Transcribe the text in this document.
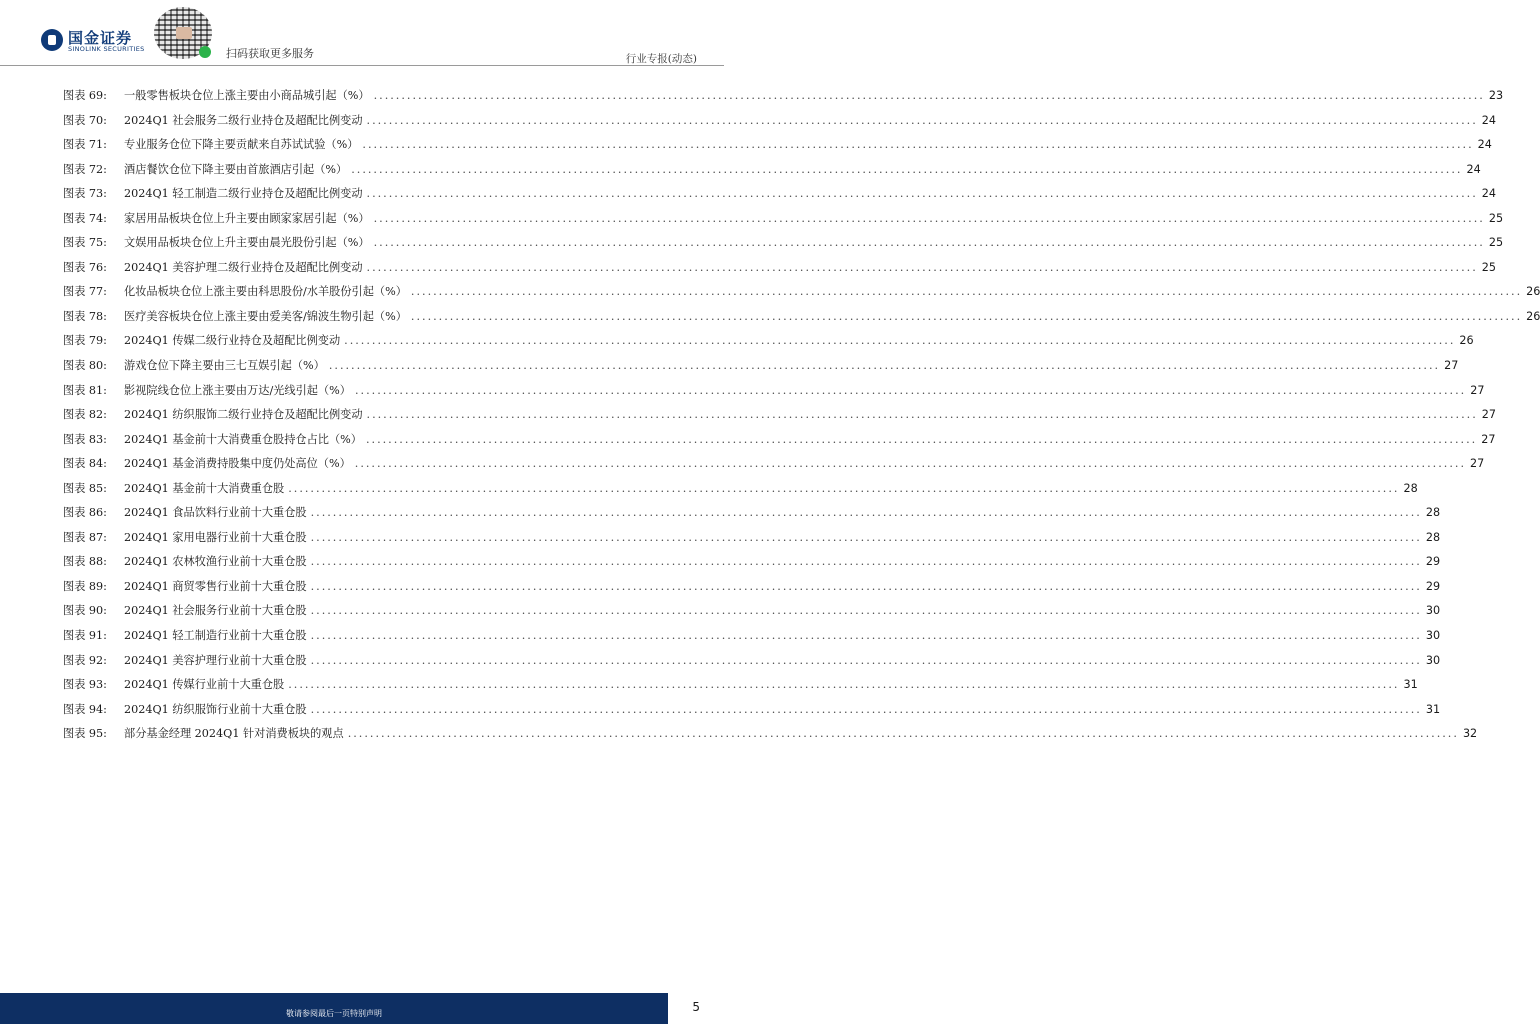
国金证券
SINOLINK SECURITIES	扫码获取更多服务	行业专报(动态)
图表 69:	一般零售板块仓位上涨主要由小商品城引起（%） ........................................................................................................................................................................................................ 23
图表 70:	2024Q1 社会服务二级行业持仓及超配比例变动 ........................................................................................................................................................................................................ 24
图表 71:	专业服务仓位下降主要贡献来自苏试试验（%） ........................................................................................................................................................................................................ 24
图表 72:	酒店餐饮仓位下降主要由首旅酒店引起（%） ........................................................................................................................................................................................................ 24
图表 73:	2024Q1 轻工制造二级行业持仓及超配比例变动 ........................................................................................................................................................................................................ 24
图表 74:	家居用品板块仓位上升主要由顾家家居引起（%） ........................................................................................................................................................................................................ 25
图表 75:	文娱用品板块仓位上升主要由晨光股份引起（%） ........................................................................................................................................................................................................ 25
图表 76:	2024Q1 美容护理二级行业持仓及超配比例变动 ........................................................................................................................................................................................................ 25
图表 77:	化妆品板块仓位上涨主要由科思股份/水羊股份引起（%） ........................................................................................................................................................................................................ 26
图表 78:	医疗美容板块仓位上涨主要由爱美客/锦波生物引起（%） ........................................................................................................................................................................................................ 26
图表 79:	2024Q1 传媒二级行业持仓及超配比例变动 ........................................................................................................................................................................................................ 26
图表 80:	游戏仓位下降主要由三七互娱引起（%） ........................................................................................................................................................................................................ 27
图表 81:	影视院线仓位上涨主要由万达/光线引起（%） ........................................................................................................................................................................................................ 27
图表 82:	2024Q1 纺织服饰二级行业持仓及超配比例变动 ........................................................................................................................................................................................................ 27
图表 83:	2024Q1 基金前十大消费重仓股持仓占比（%） ........................................................................................................................................................................................................ 27
图表 84:	2024Q1 基金消费持股集中度仍处高位（%） ........................................................................................................................................................................................................ 27
图表 85:	2024Q1 基金前十大消费重仓股 ........................................................................................................................................................................................................ 28
图表 86:	2024Q1 食品饮料行业前十大重仓股 ........................................................................................................................................................................................................ 28
图表 87:	2024Q1 家用电器行业前十大重仓股 ........................................................................................................................................................................................................ 28
图表 88:	2024Q1 农林牧渔行业前十大重仓股 ........................................................................................................................................................................................................ 29
图表 89:	2024Q1 商贸零售行业前十大重仓股 ........................................................................................................................................................................................................ 29
图表 90:	2024Q1 社会服务行业前十大重仓股 ........................................................................................................................................................................................................ 30
图表 91:	2024Q1 轻工制造行业前十大重仓股 ........................................................................................................................................................................................................ 30
图表 92:	2024Q1 美容护理行业前十大重仓股 ........................................................................................................................................................................................................ 30
图表 93:	2024Q1 传媒行业前十大重仓股 ........................................................................................................................................................................................................ 31
图表 94:	2024Q1 纺织服饰行业前十大重仓股 ........................................................................................................................................................................................................ 31
图表 95:	部分基金经理 2024Q1 针对消费板块的观点 ........................................................................................................................................................................................................ 32
敬请参阅最后一页特别声明	5
